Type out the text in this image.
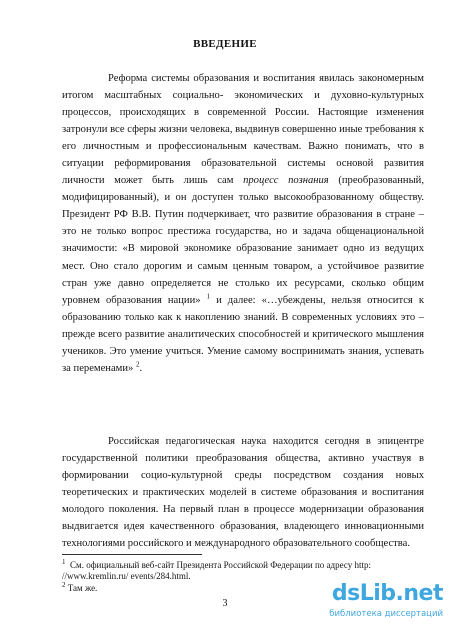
ВВЕДЕНИЕ

Реформа системы образования и воспитания явилась закономерным итогом масштабных социально- экономических и духовно-культурных процессов, происходящих в современной России. Настоящие изменения затронули все сферы жизни человека, выдвинув совершенно иные требования к его личностным и профессиональным качествам. Важно понимать, что в ситуации реформирования образовательной системы основой развития личности может быть лишь сам процесс познания (преобразованный, модифицированный), и он доступен только высокообразованному обществу. Президент РФ В.В. Путин подчеркивает, что развитие образования в стране – это не только вопрос престижа государства, но и задача общенациональной значимости: «В мировой экономике образование занимает одно из ведущих мест. Оно стало дорогим и самым ценным товаром, а устойчивое развитие стран уже давно определяется не столько их ресурсами, сколько общим уровнем образования нации» $^1$ и далее: «…убеждены, нельзя относится к образованию только как к накоплению знаний. В современных условиях это – прежде всего развитие аналитических способностей и критического мышления учеников. Это умение учиться. Умение самому воспринимать знания, успевать за переменами» $^2$.

Российская педагогическая наука находится сегодня в эпицентре государственной политики преобразования общества, активно участвуя в формировании социо-культурной среды посредством создания новых теоретических и практических моделей в системе образования и воспитания молодого поколения. На первый план в процессе модернизации образования выдвигается идея качественного образования, владеющего инновационными технологиями российского и международного образовательного сообщества.

$^1$ См. официальный веб-сайт Президента Российской Федерации по адресу http: //www.kremlin.ru/ events/284.html.

$^2$ Там же.

3	dsLib.net
библиотека диссертаций
